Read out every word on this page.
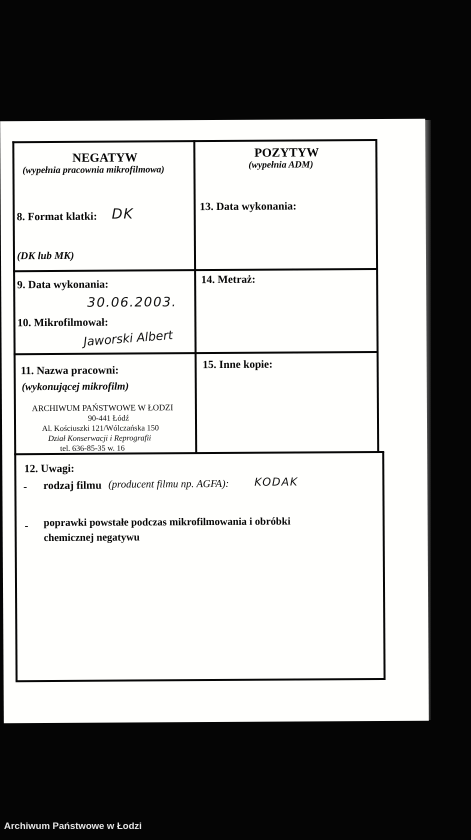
NEGATYW
(wypełnia pracownia mikrofilmowa)
POZYTYW
(wypełnia ADM)
8. Format klatki: DK
(DK lub MK)
13. Data wykonania:
9. Data wykonania:
30.06.2003.
14. Metraż:
10. Mikrofilmował:
Jaworski Albert
11. Nazwa pracowni:
(wykonującej mikrofilm)
ARCHIWUM PAŃSTWOWE W ŁODZI
90-441 Łódź
Al. Kościuszki 121/Wólczańska 150
Dział Konserwacji i Reprografii
tel. 636-85-35 w. 16
15. Inne kopie:
12. Uwagi:
- rodzaj filmu (producent filmu np. AGFA): KODAK
- poprawki powstałe podczas mikrofilmowania i obróbki
chemicznej negatywu
Archiwum Państwowe w Łodzi
